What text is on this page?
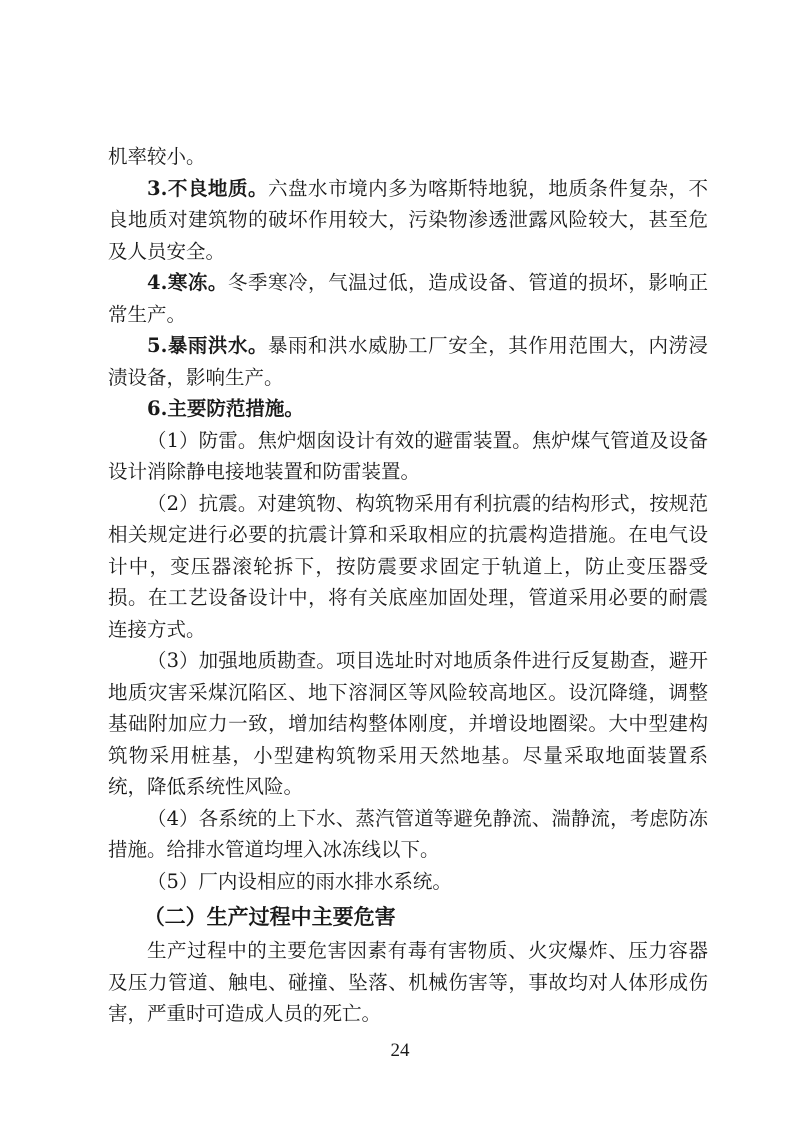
机率较小。

3.不良地质。六盘水市境内多为喀斯特地貌，地质条件复杂，不良地质对建筑物的破坏作用较大，污染物渗透泄露风险较大，甚至危及人员安全。

4.寒冻。冬季寒冷，气温过低，造成设备、管道的损坏，影响正常生产。

5.暴雨洪水。暴雨和洪水威胁工厂安全，其作用范围大，内涝浸渍设备，影响生产。

6.主要防范措施。

（1）防雷。焦炉烟囱设计有效的避雷装置。焦炉煤气管道及设备设计消除静电接地装置和防雷装置。

（2）抗震。对建筑物、构筑物采用有利抗震的结构形式，按规范相关规定进行必要的抗震计算和采取相应的抗震构造措施。在电气设计中，变压器滚轮拆下，按防震要求固定于轨道上，防止变压器受损。在工艺设备设计中，将有关底座加固处理，管道采用必要的耐震连接方式。

（3）加强地质勘查。项目选址时对地质条件进行反复勘查，避开地质灾害采煤沉陷区、地下溶洞区等风险较高地区。设沉降缝，调整基础附加应力一致，增加结构整体刚度，并增设地圈梁。大中型建构筑物采用桩基，小型建构筑物采用天然地基。尽量采取地面装置系统，降低系统性风险。

（4）各系统的上下水、蒸汽管道等避免静流、湍静流，考虑防冻措施。给排水管道均埋入冰冻线以下。

（5）厂内设相应的雨水排水系统。

（二）生产过程中主要危害

生产过程中的主要危害因素有毒有害物质、火灾爆炸、压力容器及压力管道、触电、碰撞、坠落、机械伤害等，事故均对人体形成伤害，严重时可造成人员的死亡。

24
